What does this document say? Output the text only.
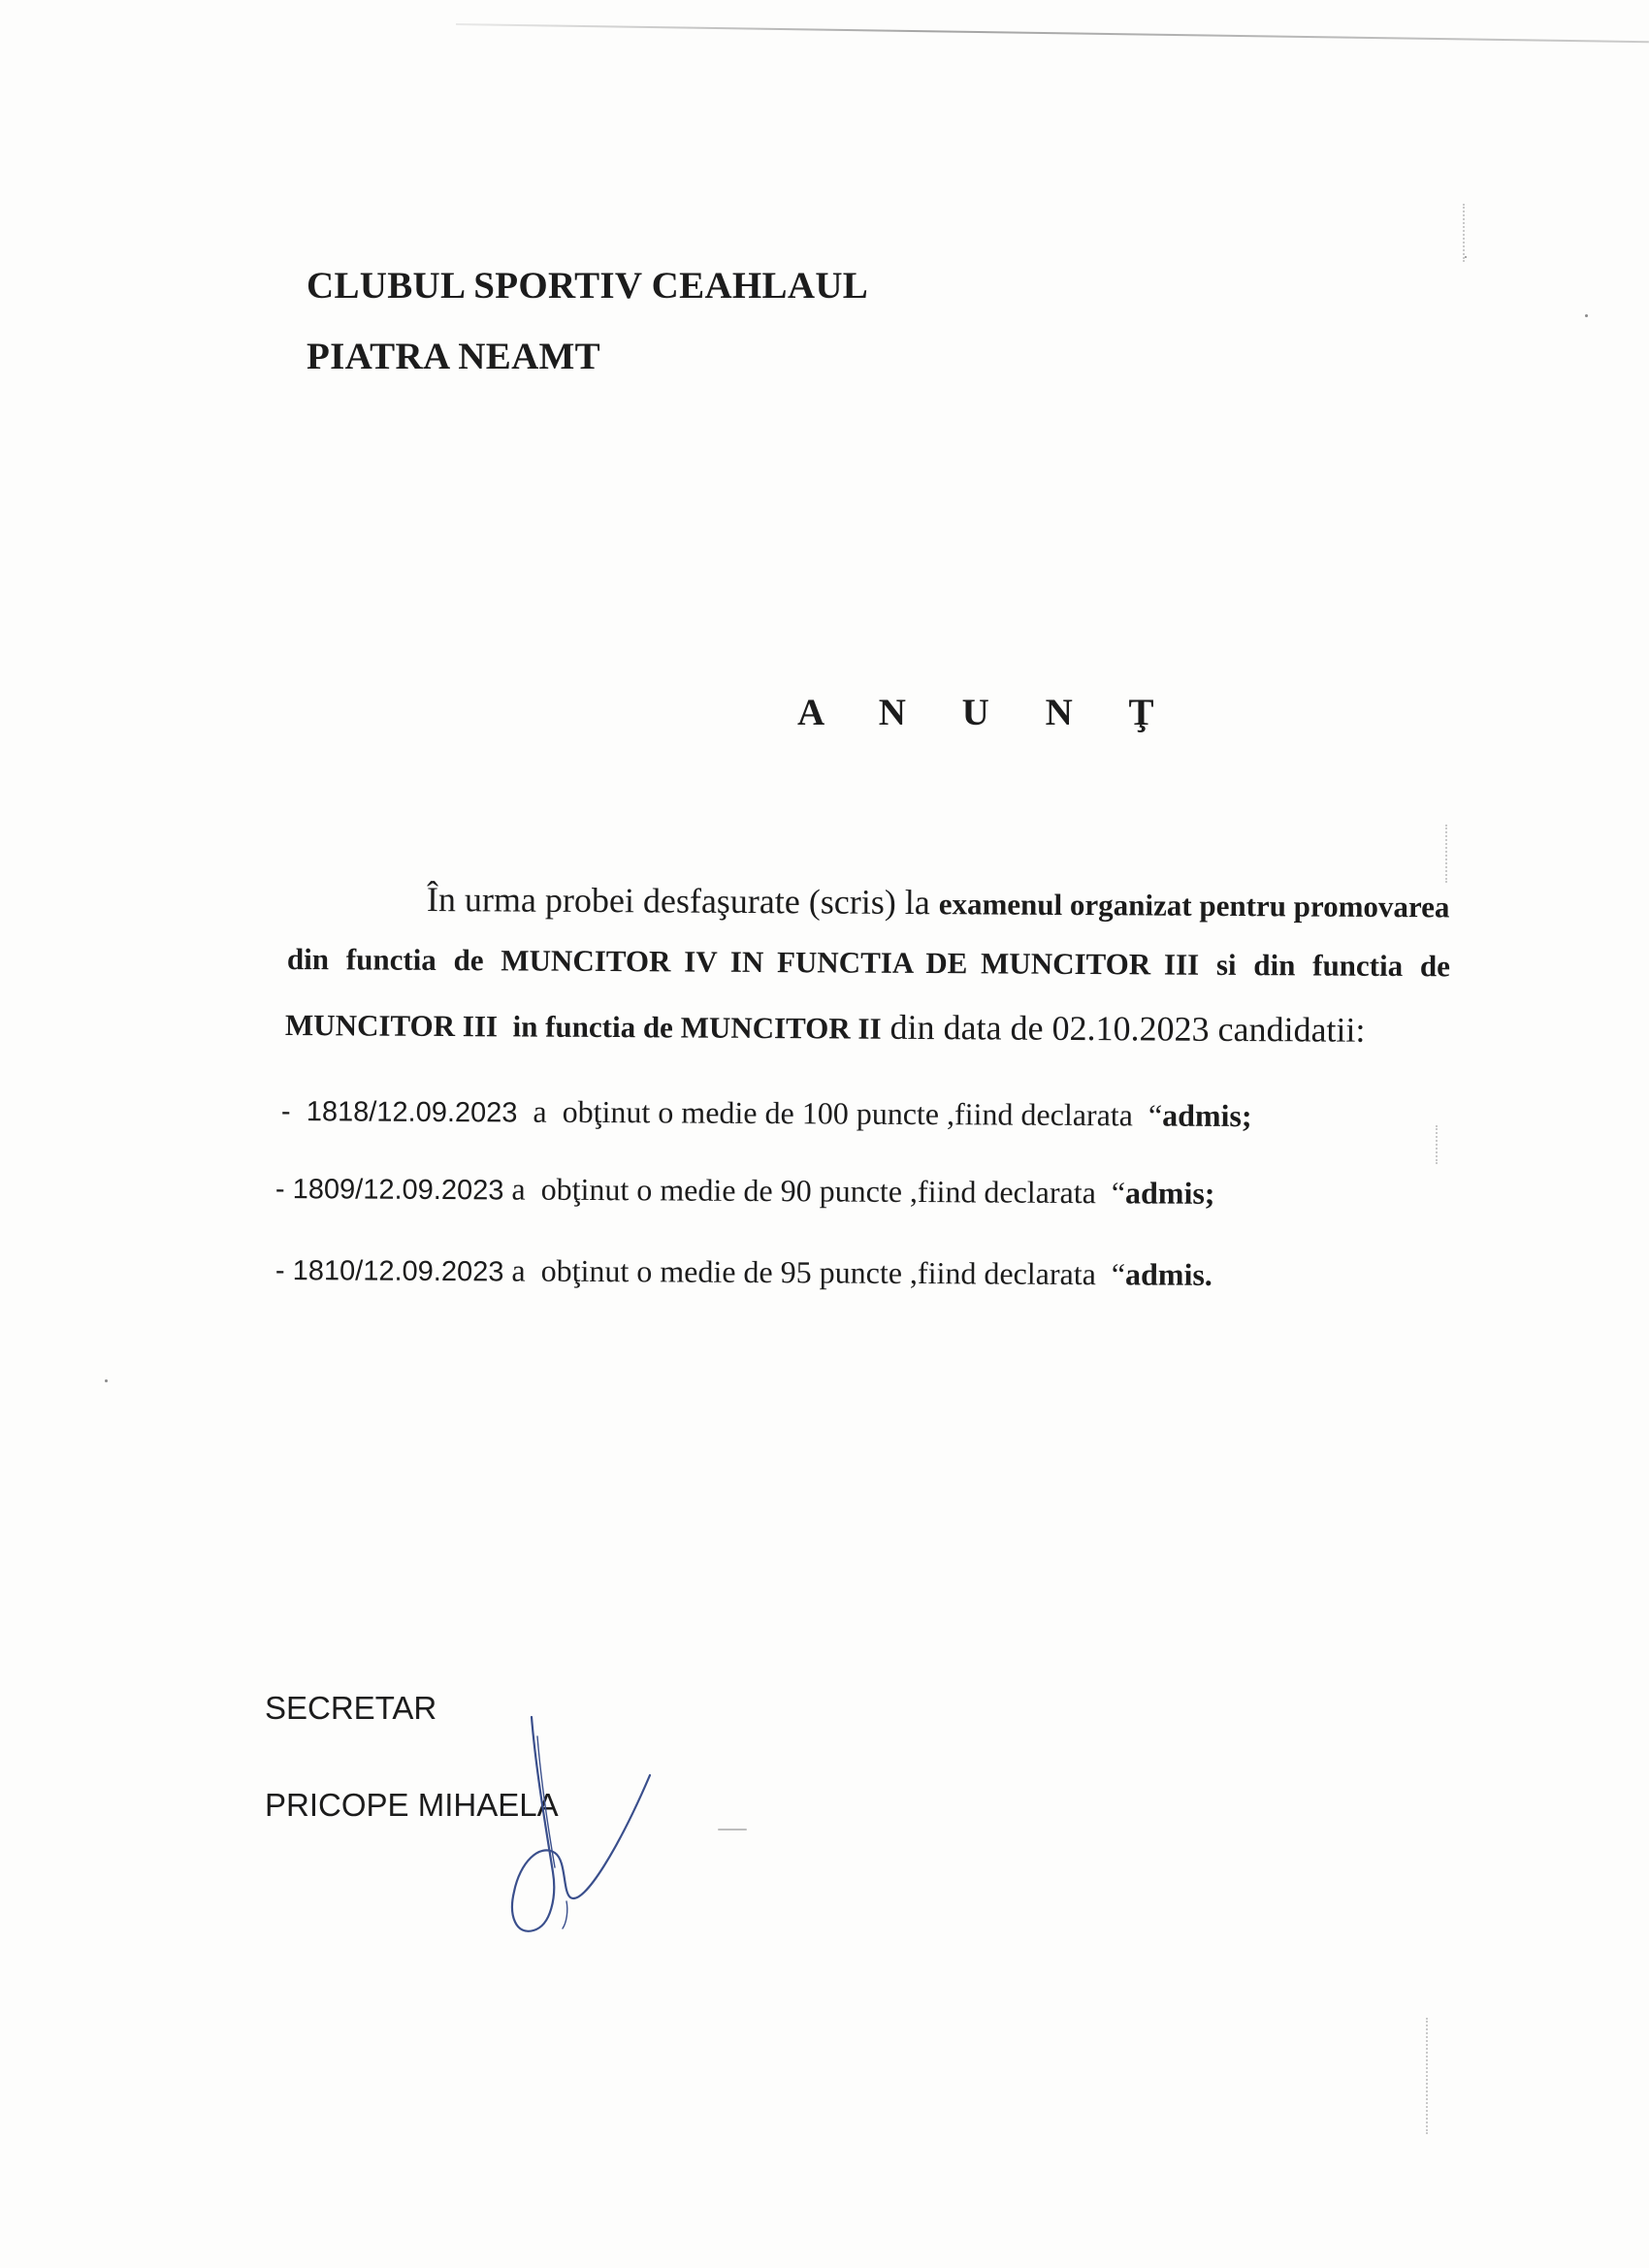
CLUBUL SPORTIV CEAHLAUL
PIATRA NEAMT
A N U N Ţ
În urma probei desfaşurate (scris) la examenul organizat pentru promovarea
din functia de MUNCITOR IV IN FUNCTIA DE MUNCITOR III si din functia de
MUNCITOR III  in functia de MUNCITOR II din data de 02.10.2023 candidatii:
-  1818/12.09.2023  a  obţinut o medie de 100 puncte ,fiind declarata  “admis;
- 1809/12.09.2023 a  obţinut o medie de 90 puncte ,fiind declarata  “admis;
- 1810/12.09.2023 a  obţinut o medie de 95 puncte ,fiind declarata  “admis.
SECRETAR
PRICOPE MIHAELA
